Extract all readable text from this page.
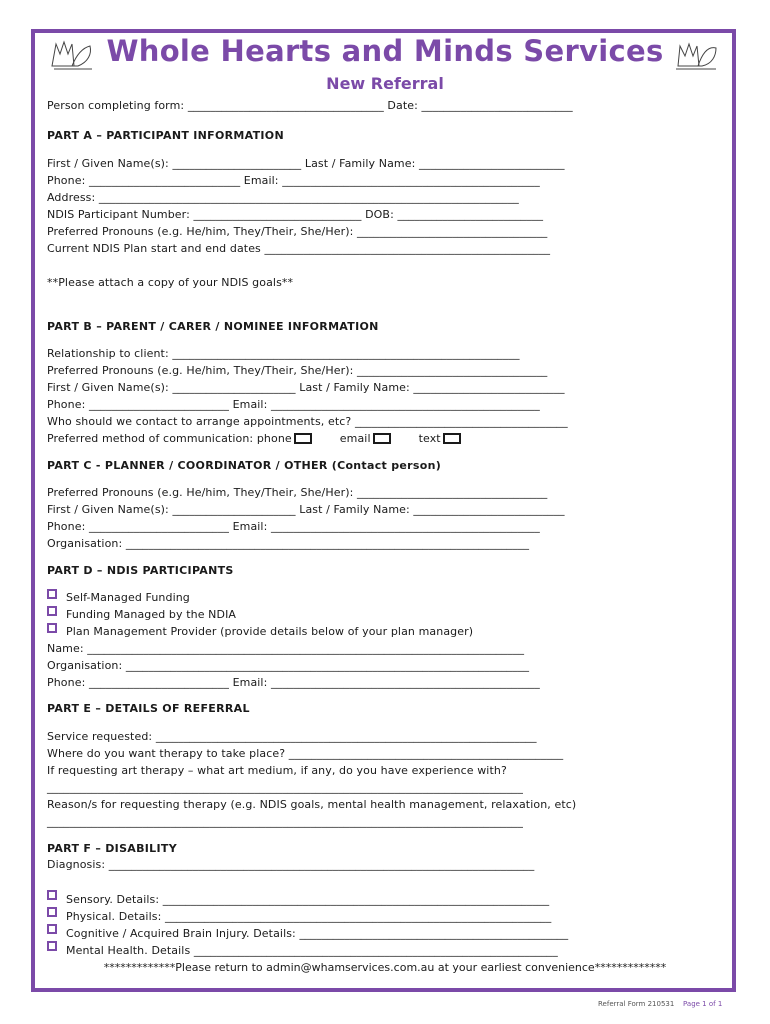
Whole Hearts and Minds Services
New Referral
Person completing form: ___________________________________ Date: ___________________________
PART A – PARTICIPANT INFORMATION
First / Given Name(s): _______________________ Last / Family Name: __________________________
Phone: ___________________________ Email: ______________________________________________
Address: ___________________________________________________________________________
NDIS Participant Number: ______________________________ DOB: __________________________
Preferred Pronouns (e.g. He/him, They/Their, She/Her): __________________________________
Current NDIS Plan start and end dates ___________________________________________________
**Please attach a copy of your NDIS goals**
PART B – PARENT / CARER / NOMINEE INFORMATION
Relationship to client: ______________________________________________________________
Preferred Pronouns (e.g. He/him, They/Their, She/Her): __________________________________
First / Given Name(s): ______________________ Last / Family Name: ___________________________
Phone: _________________________ Email: ________________________________________________
Who should we contact to arrange appointments, etc? ______________________________________
Preferred method of communication: phone	email	text
PART C - PLANNER / COORDINATOR / OTHER (Contact person)
Preferred Pronouns (e.g. He/him, They/Their, She/Her): __________________________________
First / Given Name(s): ______________________ Last / Family Name: ___________________________
Phone: _________________________ Email: ________________________________________________
Organisation: ________________________________________________________________________
PART D – NDIS PARTICIPANTS
Self-Managed Funding
Funding Managed by the NDIA
Plan Management Provider (provide details below of your plan manager)
Name: ______________________________________________________________________________
Organisation: ________________________________________________________________________
Phone: _________________________ Email: ________________________________________________
PART E – DETAILS OF REFERRAL
Service requested: ____________________________________________________________________
Where do you want therapy to take place? _________________________________________________
If requesting art therapy – what art medium, if any, do you have experience with?
_____________________________________________________________________________________
Reason/s for requesting therapy (e.g. NDIS goals, mental health management, relaxation, etc)
_____________________________________________________________________________________
PART F – DISABILITY
Diagnosis: ____________________________________________________________________________
Sensory. Details: _____________________________________________________________________
Physical. Details: _____________________________________________________________________
Cognitive / Acquired Brain Injury. Details: ________________________________________________
Mental Health. Details _________________________________________________________________
*************Please return to admin@whamservices.com.au at your earliest convenience*************
Referral Form 210531 Page 1 of 1
